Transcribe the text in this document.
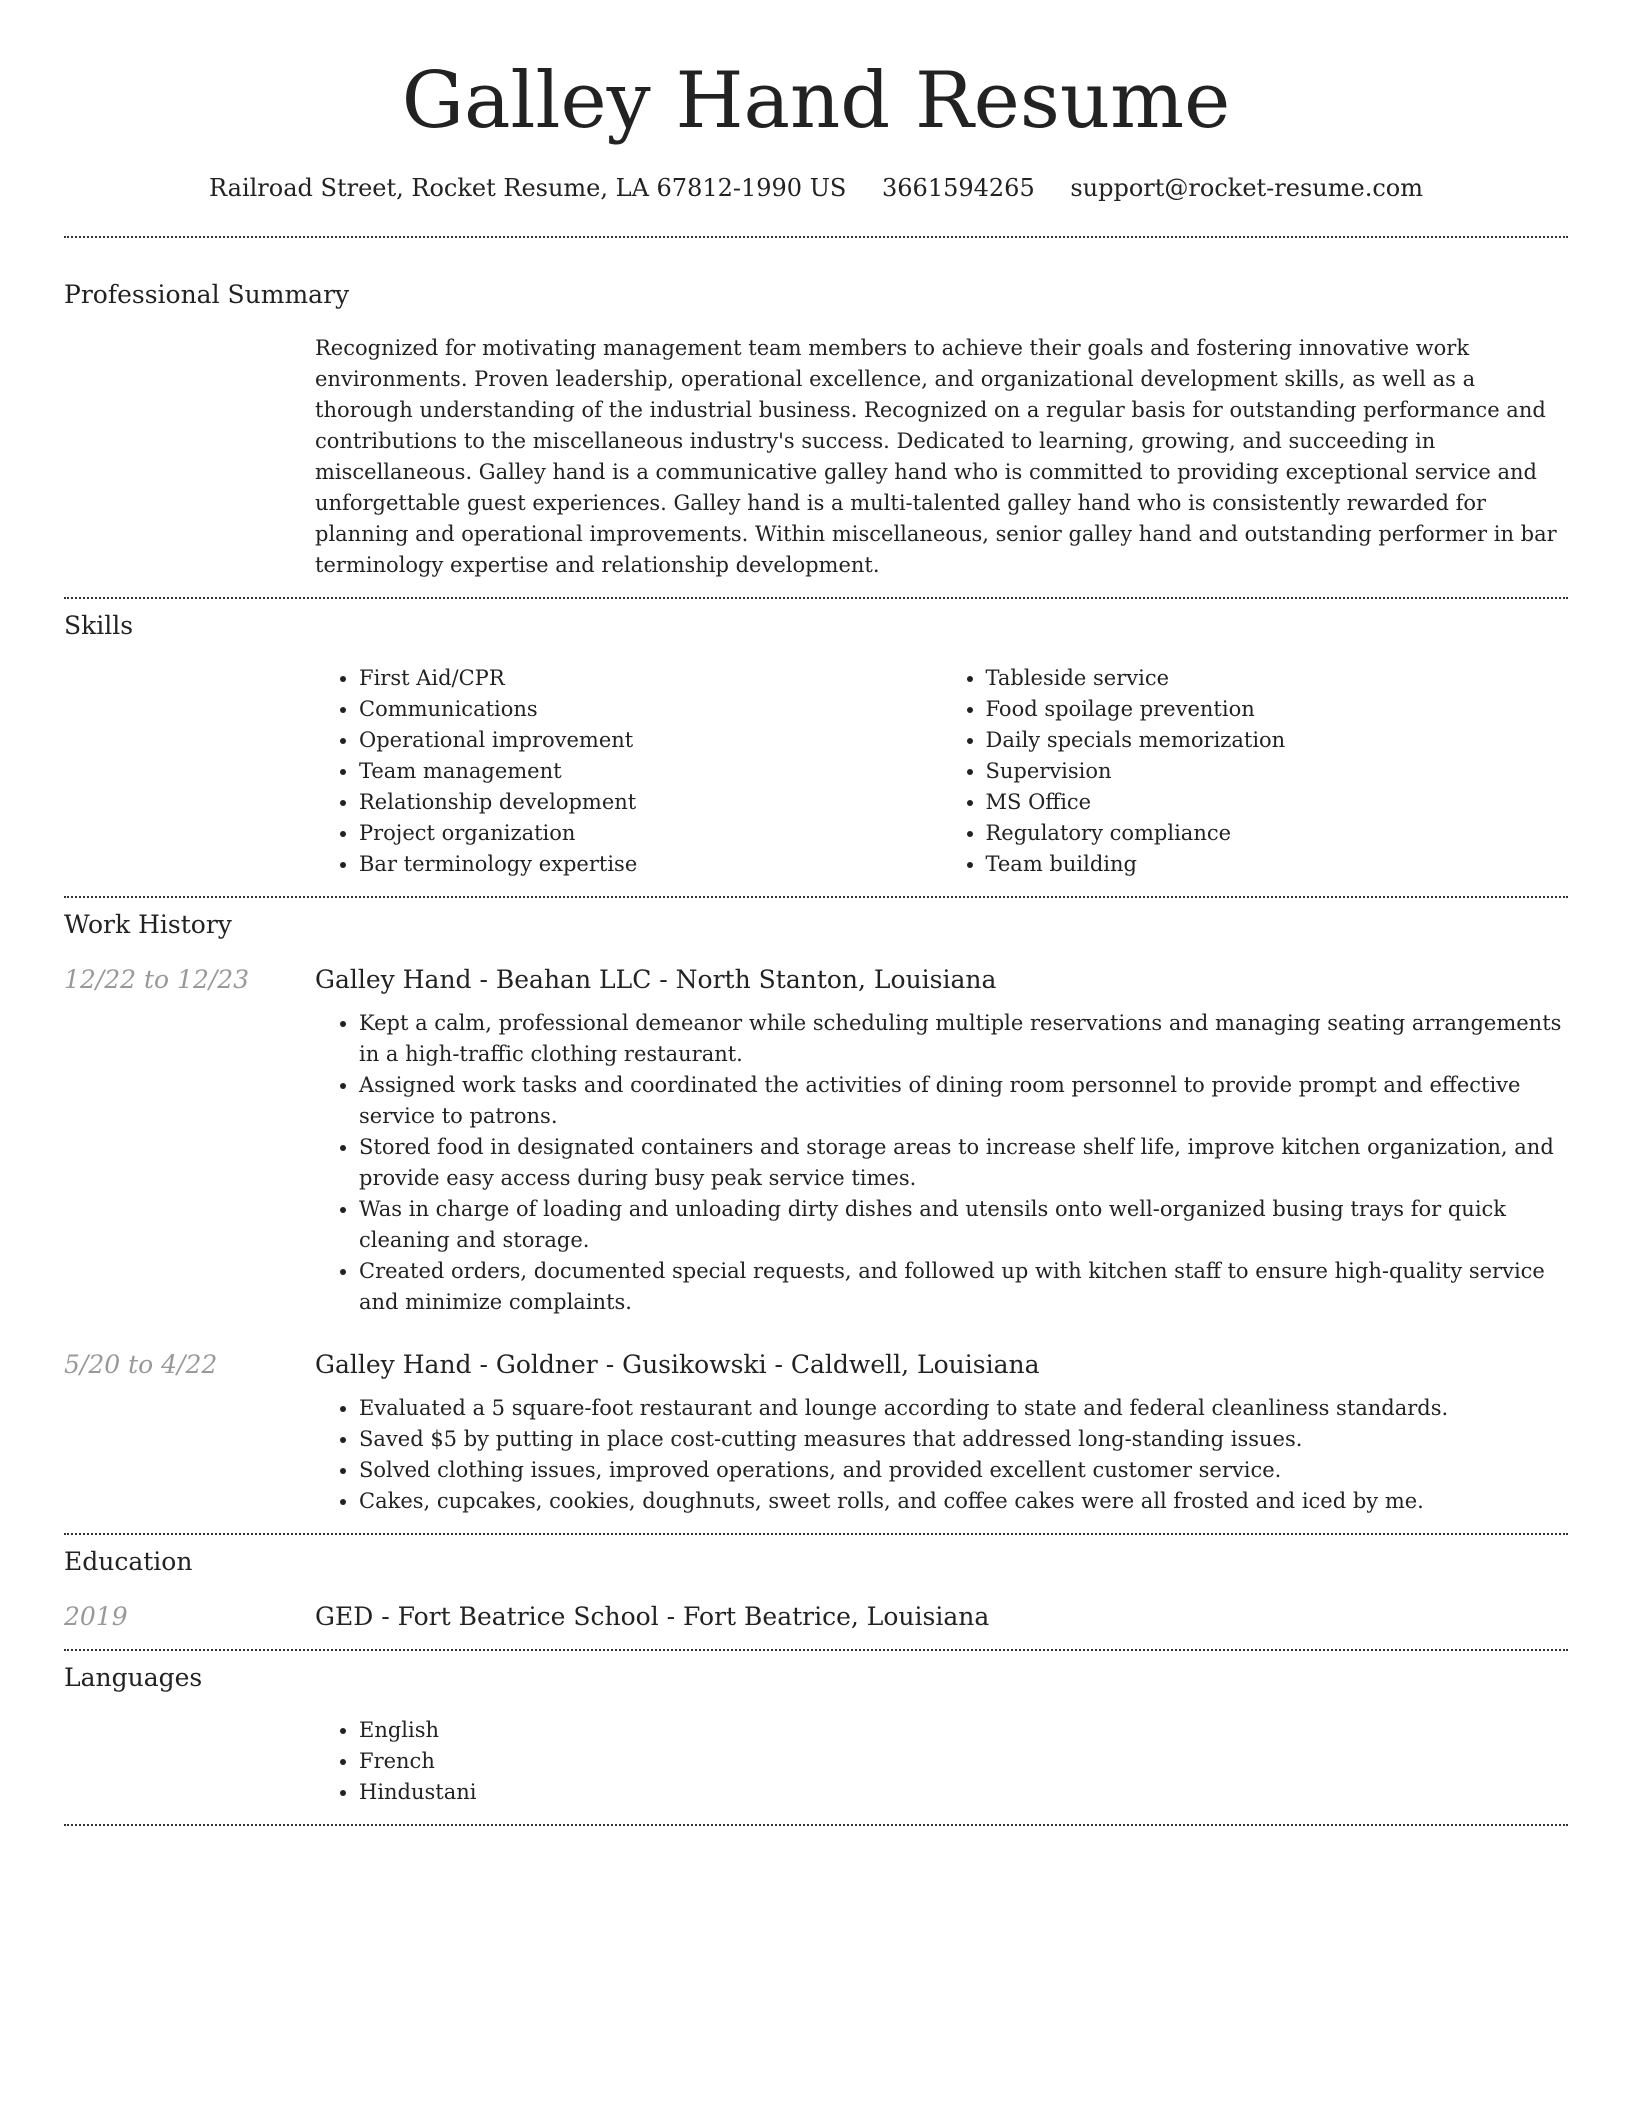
Galley Hand Resume
Railroad Street, Rocket Resume, LA 67812-1990 US 3661594265 support@rocket-resume.com
Professional Summary
Recognized for motivating management team members to achieve their goals and fostering innovative work environments. Proven leadership, operational excellence, and organizational development skills, as well as a thorough understanding of the industrial business. Recognized on a regular basis for outstanding performance and contributions to the miscellaneous industry's success. Dedicated to learning, growing, and succeeding in miscellaneous. Galley hand is a communicative galley hand who is committed to providing exceptional service and unforgettable guest experiences. Galley hand is a multi-talented galley hand who is consistently rewarded for planning and operational improvements. Within miscellaneous, senior galley hand and outstanding performer in bar terminology expertise and relationship development.
Skills
• First Aid/CPR
• Communications
• Operational improvement
• Team management
• Relationship development
• Project organization
• Bar terminology expertise
• Tableside service
• Food spoilage prevention
• Daily specials memorization
• Supervision
• MS Office
• Regulatory compliance
• Team building
Work History
12/22 to 12/23	Galley Hand - Beahan LLC - North Stanton, Louisiana
• Kept a calm, professional demeanor while scheduling multiple reservations and managing seating arrangements in a high-traffic clothing restaurant.
• Assigned work tasks and coordinated the activities of dining room personnel to provide prompt and effective service to patrons.
• Stored food in designated containers and storage areas to increase shelf life, improve kitchen organization, and provide easy access during busy peak service times.
• Was in charge of loading and unloading dirty dishes and utensils onto well-organized busing trays for quick cleaning and storage.
• Created orders, documented special requests, and followed up with kitchen staff to ensure high-quality service and minimize complaints.
5/20 to 4/22	Galley Hand - Goldner - Gusikowski - Caldwell, Louisiana
• Evaluated a 5 square-foot restaurant and lounge according to state and federal cleanliness standards.
• Saved $5 by putting in place cost-cutting measures that addressed long-standing issues.
• Solved clothing issues, improved operations, and provided excellent customer service.
• Cakes, cupcakes, cookies, doughnuts, sweet rolls, and coffee cakes were all frosted and iced by me.
Education
2019	GED - Fort Beatrice School - Fort Beatrice, Louisiana
Languages
• English
• French
• Hindustani
